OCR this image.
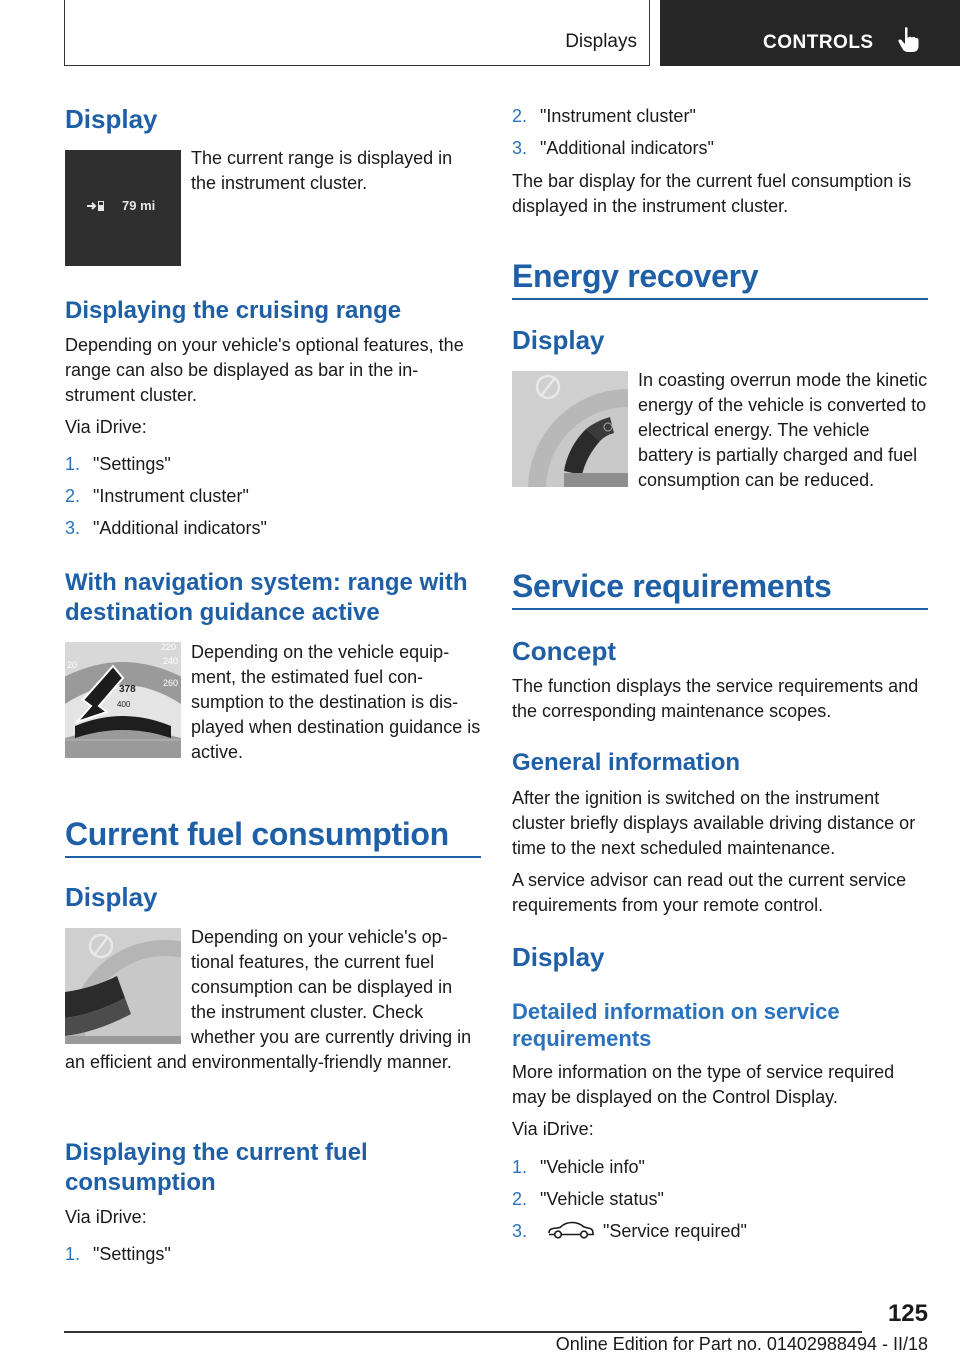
Displays	CONTROLS
Display
79 mi
The current range is displayed in the instrument cluster.
Displaying the cruising range
Depending on your vehicle's optional features, the range can also be displayed as bar in the instrument cluster.
Via iDrive:
1. "Settings"
2. "Instrument cluster"
3. "Additional indicators"
With navigation system: range with destination guidance active
220
240
260
20
378
400
Depending on the vehicle equipment, the estimated fuel consumption to the destination is displayed when destination guidance is active.
Current fuel consumption
Display
Depending on your vehicle's optional features, the current fuel consumption can be displayed in the instrument cluster. Check whether you are currently driving in an efficient and environmentally-friendly manner.
Displaying the current fuel consumption
Via iDrive:
1. "Settings"
2. "Instrument cluster"
3. "Additional indicators"
The bar display for the current fuel consumption is displayed in the instrument cluster.
Energy recovery
Display
In coasting overrun mode the kinetic energy of the vehicle is converted to electrical energy. The vehicle battery is partially charged and fuel consumption can be reduced.
Service requirements
Concept
The function displays the service requirements and the corresponding maintenance scopes.
General information
After the ignition is switched on the instrument cluster briefly displays available driving distance or time to the next scheduled maintenance.
A service advisor can read out the current service requirements from your remote control.
Display
Detailed information on service requirements
More information on the type of service required may be displayed on the Control Display.
Via iDrive:
1. "Vehicle info"
2. "Vehicle status"
3.	"Service required"
125
Online Edition for Part no. 01402988494 - II/18
